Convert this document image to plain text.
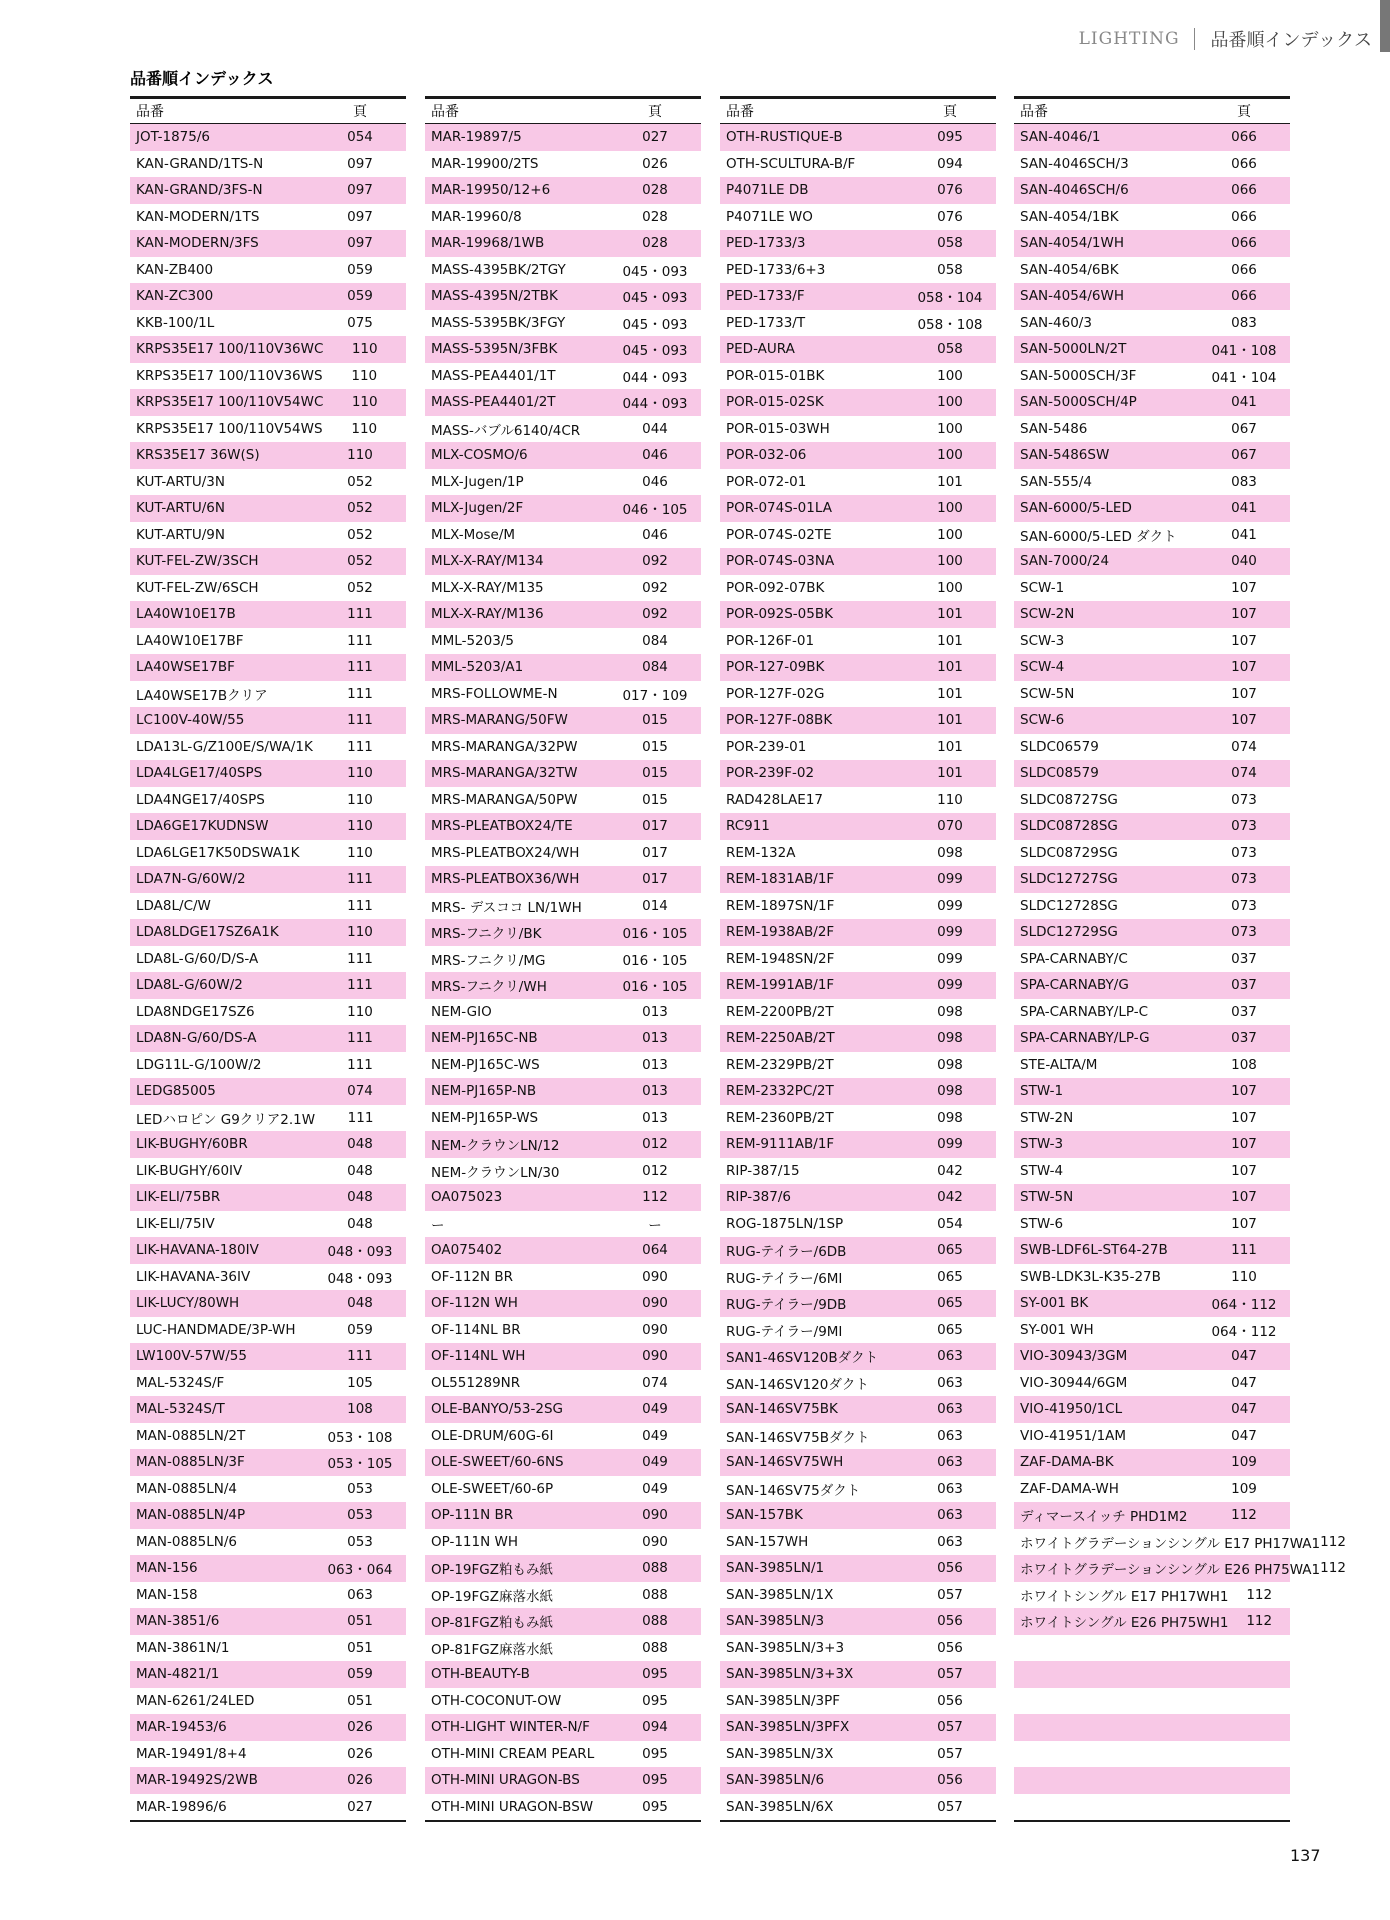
LIGHTING	品番順インデックス
品番順インデックス
品番	頁
JOT-1875/6	054
KAN-GRAND/1TS-N	097
KAN-GRAND/3FS-N	097
KAN-MODERN/1TS	097
KAN-MODERN/3FS	097
KAN-ZB400	059
KAN-ZC300	059
KKB-100/1L	075
KRPS35E17 100/110V36WC	110
KRPS35E17 100/110V36WS	110
KRPS35E17 100/110V54WC	110
KRPS35E17 100/110V54WS	110
KRS35E17 36W(S)	110
KUT-ARTU/3N	052
KUT-ARTU/6N	052
KUT-ARTU/9N	052
KUT-FEL-ZW/3SCH	052
KUT-FEL-ZW/6SCH	052
LA40W10E17B	111
LA40W10E17BF	111
LA40WSE17BF	111
LA40WSE17Bクリア	111
LC100V-40W/55	111
LDA13L-G/Z100E/S/WA/1K	111
LDA4LGE17/40SPS	110
LDA4NGE17/40SPS	110
LDA6GE17KUDNSW	110
LDA6LGE17K50DSWA1K	110
LDA7N-G/60W/2	111
LDA8L/C/W	111
LDA8LDGE17SZ6A1K	110
LDA8L-G/60/D/S-A	111
LDA8L-G/60W/2	111
LDA8NDGE17SZ6	110
LDA8N-G/60/DS-A	111
LDG11L-G/100W/2	111
LEDG85005	074
LEDハロピン G9クリア2.1W	111
LIK-BUGHY/60BR	048
LIK-BUGHY/60IV	048
LIK-ELI/75BR	048
LIK-ELI/75IV	048
LIK-HAVANA-180IV	048・093
LIK-HAVANA-36IV	048・093
LIK-LUCY/80WH	048
LUC-HANDMADE/3P-WH	059
LW100V-57W/55	111
MAL-5324S/F	105
MAL-5324S/T	108
MAN-0885LN/2T	053・108
MAN-0885LN/3F	053・105
MAN-0885LN/4	053
MAN-0885LN/4P	053
MAN-0885LN/6	053
MAN-156	063・064
MAN-158	063
MAN-3851/6	051
MAN-3861N/1	051
MAN-4821/1	059
MAN-6261/24LED	051
MAR-19453/6	026
MAR-19491/8+4	026
MAR-19492S/2WB	026
MAR-19896/6	027
品番	頁
MAR-19897/5	027
MAR-19900/2TS	026
MAR-19950/12+6	028
MAR-19960/8	028
MAR-19968/1WB	028
MASS-4395BK/2TGY	045・093
MASS-4395N/2TBK	045・093
MASS-5395BK/3FGY	045・093
MASS-5395N/3FBK	045・093
MASS-PEA4401/1T	044・093
MASS-PEA4401/2T	044・093
MASS-バブル6140/4CR	044
MLX-COSMO/6	046
MLX-Jugen/1P	046
MLX-Jugen/2F	046・105
MLX-Mose/M	046
MLX-X-RAY/M134	092
MLX-X-RAY/M135	092
MLX-X-RAY/M136	092
MML-5203/5	084
MML-5203/A1	084
MRS-FOLLOWME-N	017・109
MRS-MARANG/50FW	015
MRS-MARANGA/32PW	015
MRS-MARANGA/32TW	015
MRS-MARANGA/50PW	015
MRS-PLEATBOX24/TE	017
MRS-PLEATBOX24/WH	017
MRS-PLEATBOX36/WH	017
MRS- デスココ LN/1WH	014
MRS-フニクリ/BK	016・105
MRS-フニクリ/MG	016・105
MRS-フニクリ/WH	016・105
NEM-GIO	013
NEM-PJ165C-NB	013
NEM-PJ165C-WS	013
NEM-PJ165P-NB	013
NEM-PJ165P-WS	013
NEM-クラウンLN/12	012
NEM-クラウンLN/30	012
OA075023	112
ー	ー
OA075402	064
OF-112N BR	090
OF-112N WH	090
OF-114NL BR	090
OF-114NL WH	090
OL551289NR	074
OLE-BANYO/53-2SG	049
OLE-DRUM/60G-6I	049
OLE-SWEET/60-6NS	049
OLE-SWEET/60-6P	049
OP-111N BR	090
OP-111N WH	090
OP-19FGZ粕もみ紙	088
OP-19FGZ麻落水紙	088
OP-81FGZ粕もみ紙	088
OP-81FGZ麻落水紙	088
OTH-BEAUTY-B	095
OTH-COCONUT-OW	095
OTH-LIGHT WINTER-N/F	094
OTH-MINI CREAM PEARL	095
OTH-MINI URAGON-BS	095
OTH-MINI URAGON-BSW	095
品番	頁
OTH-RUSTIQUE-B	095
OTH-SCULTURA-B/F	094
P4071LE DB	076
P4071LE WO	076
PED-1733/3	058
PED-1733/6+3	058
PED-1733/F	058・104
PED-1733/T	058・108
PED-AURA	058
POR-015-01BK	100
POR-015-02SK	100
POR-015-03WH	100
POR-032-06	100
POR-072-01	101
POR-074S-01LA	100
POR-074S-02TE	100
POR-074S-03NA	100
POR-092-07BK	100
POR-092S-05BK	101
POR-126F-01	101
POR-127-09BK	101
POR-127F-02G	101
POR-127F-08BK	101
POR-239-01	101
POR-239F-02	101
RAD428LAE17	110
RC911	070
REM-132A	098
REM-1831AB/1F	099
REM-1897SN/1F	099
REM-1938AB/2F	099
REM-1948SN/2F	099
REM-1991AB/1F	099
REM-2200PB/2T	098
REM-2250AB/2T	098
REM-2329PB/2T	098
REM-2332PC/2T	098
REM-2360PB/2T	098
REM-9111AB/1F	099
RIP-387/15	042
RIP-387/6	042
ROG-1875LN/1SP	054
RUG-テイラー/6DB	065
RUG-テイラー/6MI	065
RUG-テイラー/9DB	065
RUG-テイラー/9MI	065
SAN1-46SV120Bダクト	063
SAN-146SV120ダクト	063
SAN-146SV75BK	063
SAN-146SV75Bダクト	063
SAN-146SV75WH	063
SAN-146SV75ダクト	063
SAN-157BK	063
SAN-157WH	063
SAN-3985LN/1	056
SAN-3985LN/1X	057
SAN-3985LN/3	056
SAN-3985LN/3+3	056
SAN-3985LN/3+3X	057
SAN-3985LN/3PF	056
SAN-3985LN/3PFX	057
SAN-3985LN/3X	057
SAN-3985LN/6	056
SAN-3985LN/6X	057
品番	頁
SAN-4046/1	066
SAN-4046SCH/3	066
SAN-4046SCH/6	066
SAN-4054/1BK	066
SAN-4054/1WH	066
SAN-4054/6BK	066
SAN-4054/6WH	066
SAN-460/3	083
SAN-5000LN/2T	041・108
SAN-5000SCH/3F	041・104
SAN-5000SCH/4P	041
SAN-5486	067
SAN-5486SW	067
SAN-555/4	083
SAN-6000/5-LED	041
SAN-6000/5-LED ダクト	041
SAN-7000/24	040
SCW-1	107
SCW-2N	107
SCW-3	107
SCW-4	107
SCW-5N	107
SCW-6	107
SLDC06579	074
SLDC08579	074
SLDC08727SG	073
SLDC08728SG	073
SLDC08729SG	073
SLDC12727SG	073
SLDC12728SG	073
SLDC12729SG	073
SPA-CARNABY/C	037
SPA-CARNABY/G	037
SPA-CARNABY/LP-C	037
SPA-CARNABY/LP-G	037
STE-ALTA/M	108
STW-1	107
STW-2N	107
STW-3	107
STW-4	107
STW-5N	107
STW-6	107
SWB-LDF6L-ST64-27B	111
SWB-LDK3L-K35-27B	110
SY-001 BK	064・112
SY-001 WH	064・112
VIO-30943/3GM	047
VIO-30944/6GM	047
VIO-41950/1CL	047
VIO-41951/1AM	047
ZAF-DAMA-BK	109
ZAF-DAMA-WH	109
ディマースイッチ PHD1M2	112
ホワイトグラデーションシングル E17 PH17WA1 112
ホワイトグラデーションシングル E26 PH75WA1 112
ホワイトシングル E17 PH17WH1	112
ホワイトシングル E26 PH75WH1	112
137
